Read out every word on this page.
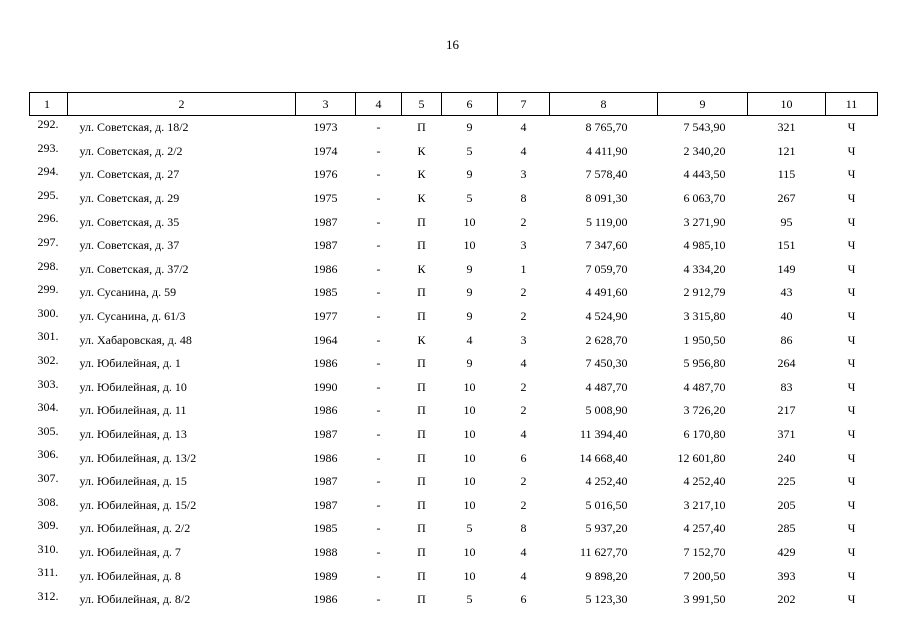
16
1	2	3	4	5	6	7	8	9	10	11
292.	ул. Советская, д. 18/2	1973	-	П	9	4	8 765,70	7 543,90	321	Ч
293.	ул. Советская, д. 2/2	1974	-	К	5	4	4 411,90	2 340,20	121	Ч
294.	ул. Советская, д. 27	1976	-	К	9	3	7 578,40	4 443,50	115	Ч
295.	ул. Советская, д. 29	1975	-	К	5	8	8 091,30	6 063,70	267	Ч
296.	ул. Советская, д. 35	1987	-	П	10	2	5 119,00	3 271,90	95	Ч
297.	ул. Советская, д. 37	1987	-	П	10	3	7 347,60	4 985,10	151	Ч
298.	ул. Советская, д. 37/2	1986	-	К	9	1	7 059,70	4 334,20	149	Ч
299.	ул. Сусанина, д. 59	1985	-	П	9	2	4 491,60	2 912,79	43	Ч
300.	ул. Сусанина, д. 61/3	1977	-	П	9	2	4 524,90	3 315,80	40	Ч
301.	ул. Хабаровская, д. 48	1964	-	К	4	3	2 628,70	1 950,50	86	Ч
302.	ул. Юбилейная, д. 1	1986	-	П	9	4	7 450,30	5 956,80	264	Ч
303.	ул. Юбилейная, д. 10	1990	-	П	10	2	4 487,70	4 487,70	83	Ч
304.	ул. Юбилейная, д. 11	1986	-	П	10	2	5 008,90	3 726,20	217	Ч
305.	ул. Юбилейная, д. 13	1987	-	П	10	4	11 394,40	6 170,80	371	Ч
306.	ул. Юбилейная, д. 13/2	1986	-	П	10	6	14 668,40	12 601,80	240	Ч
307.	ул. Юбилейная, д. 15	1987	-	П	10	2	4 252,40	4 252,40	225	Ч
308.	ул. Юбилейная, д. 15/2	1987	-	П	10	2	5 016,50	3 217,10	205	Ч
309.	ул. Юбилейная, д. 2/2	1985	-	П	5	8	5 937,20	4 257,40	285	Ч
310.	ул. Юбилейная, д. 7	1988	-	П	10	4	11 627,70	7 152,70	429	Ч
311.	ул. Юбилейная, д. 8	1989	-	П	10	4	9 898,20	7 200,50	393	Ч
312.	ул. Юбилейная, д. 8/2	1986	-	П	5	6	5 123,30	3 991,50	202	Ч
